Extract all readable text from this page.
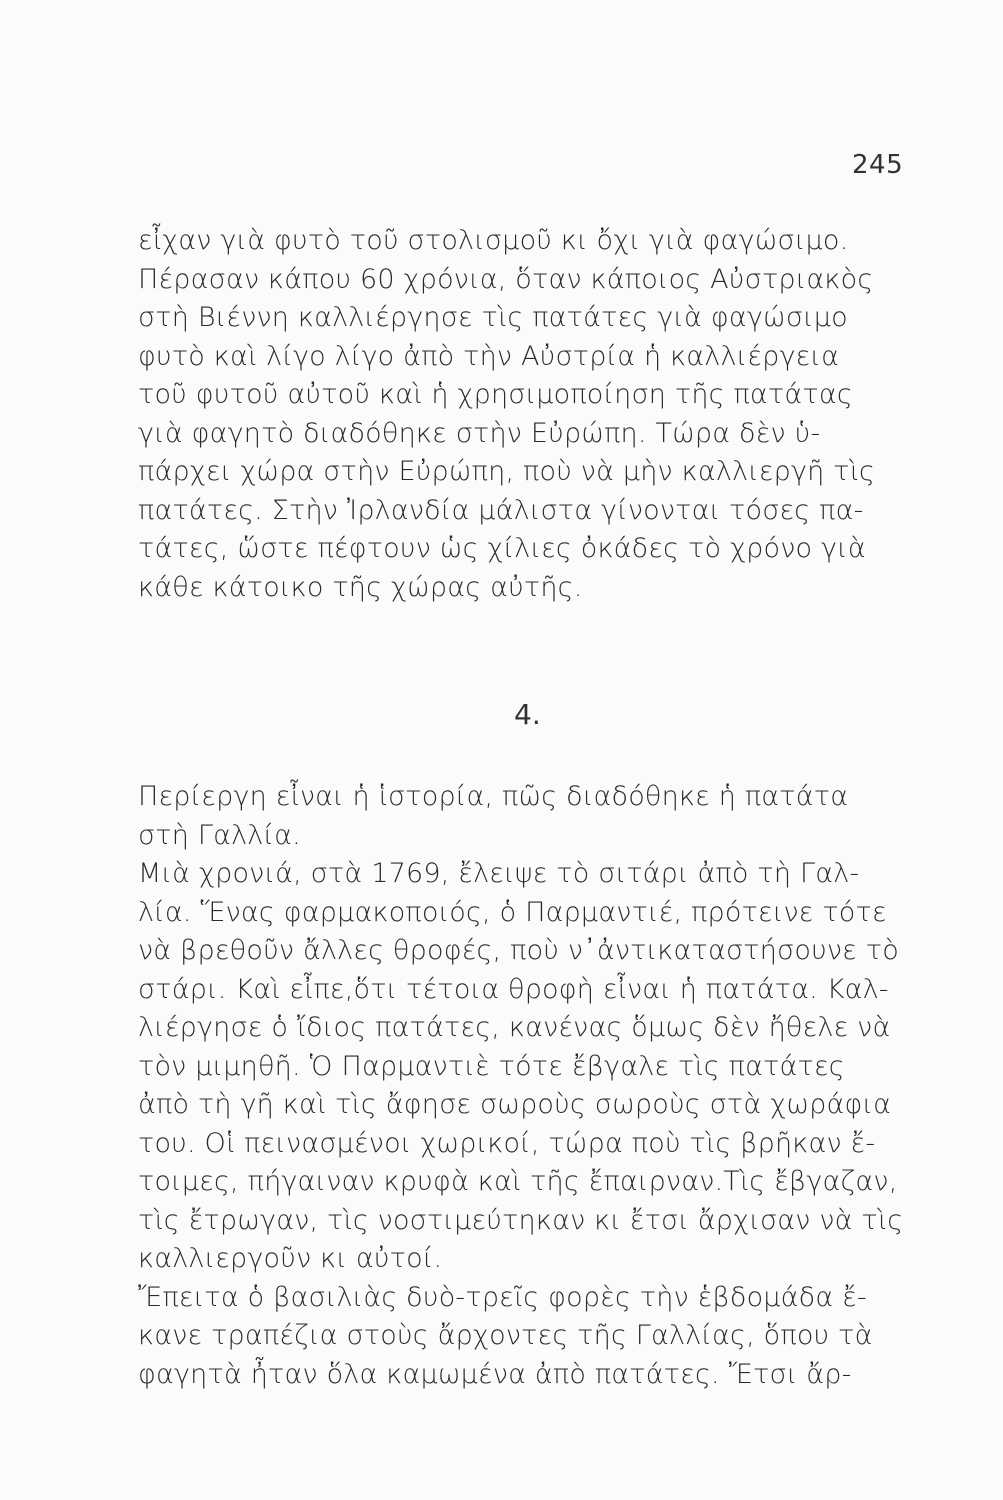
245
εἶχαν γιὰ φυτὸ τοῦ στολισμοῦ κι ὄχι γιὰ φαγώσιμο.
Πέρασαν κάπου 60 χρόνια, ὅταν κάποιος Αὐστριακὸς
στὴ Βιέννη καλλιέργησε τὶς πατάτες γιὰ φαγώσιμο
φυτὸ καὶ λίγο λίγο ἀπὸ τὴν Αὐστρία ἡ καλλιέργεια
τοῦ φυτοῦ αὐτοῦ καὶ ἡ χρησιμοποίηση τῆς πατάτας
γιὰ φαγητὸ διαδόθηκε στὴν Εὐρώπη. Τώρα δὲν ὑ-
πάρχει χώρα στὴν Εὐρώπη, ποὺ νὰ μὴν καλλιεργῆ τὶς
πατάτες. Στὴν Ἰρλανδία μάλιστα γίνονται τόσες πα-
τάτες, ὥστε πέφτουν ὡς χίλιες ὀκάδες τὸ χρόνο γιὰ
κάθε κάτοικο τῆς χώρας αὐτῆς.
4.
Περίεργη εἶναι ἡ ἱστορία, πῶς διαδόθηκε ἡ πατάτα
στὴ Γαλλία.
Μιὰ χρονιά, στὰ 1769, ἔλειψε τὸ σιτάρι ἀπὸ τὴ Γαλ-
λία. Ἕνας φαρμακοποιός, ὁ Παρμαντιέ, πρότεινε τότε
νὰ βρεθοῦν ἄλλες θροφές, ποὺ ν᾽ἀντικαταστήσουνε τὸ
στάρι. Καὶ εἶπε,ὅτι τέτοια θροφὴ εἶναι ἡ πατάτα. Καλ-
λιέργησε ὁ ἴδιος πατάτες, κανένας ὅμως δὲν ἤθελε νὰ
τὸν μιμηθῆ. Ὁ Παρμαντιὲ τότε ἔβγαλε τὶς πατάτες
ἀπὸ τὴ γῆ καὶ τὶς ἄφησε σωροὺς σωροὺς στὰ χωράφια
του. Οἱ πεινασμένοι χωρικοί, τώρα ποὺ τὶς βρῆκαν ἔ-
τοιμες, πήγαιναν κρυφὰ καὶ τῆς ἔπαιρναν.Τὶς ἔβγαζαν,
τὶς ἔτρωγαν, τὶς νοστιμεύτηκαν κι ἔτσι ἄρχισαν νὰ τὶς
καλλιεργοῦν κι αὐτοί.
Ἔπειτα ὁ βασιλιὰς δυὸ-τρεῖς φορὲς τὴν ἑβδομάδα ἔ-
κανε τραπέζια στοὺς ἄρχοντες τῆς Γαλλίας, ὅπου τὰ
φαγητὰ ἦταν ὅλα καμωμένα ἀπὸ πατάτες. Ἔτσι ἄρ-
